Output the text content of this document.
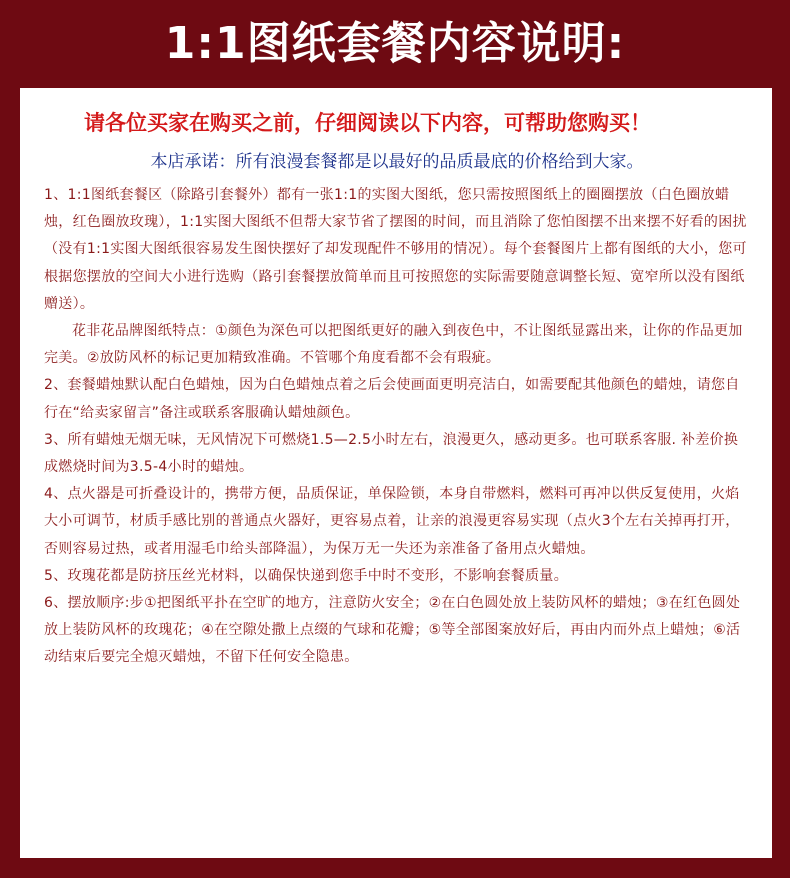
1:1图纸套餐内容说明:

请各位买家在购买之前，仔细阅读以下内容，可帮助您购买！

本店承诺：所有浪漫套餐都是以最好的品质最底的价格给到大家。

1、1:1图纸套餐区（除路引套餐外）都有一张1:1的实图大图纸，您只需按照图纸上的圈圈摆放（白色圈放蜡烛，红色圈放玫瑰），1:1实图大图纸不但帮大家节省了摆图的时间，而且消除了您怕图摆不出来摆不好看的困扰（没有1:1实图大图纸很容易发生图快摆好了却发现配件不够用的情况）。每个套餐图片上都有图纸的大小，您可根据您摆放的空间大小进行选购（路引套餐摆放简单而且可按照您的实际需要随意调整长短、宽窄所以没有图纸赠送）。

花非花品牌图纸特点：①颜色为深色可以把图纸更好的融入到夜色中，不让图纸显露出来，让你的作品更加完美。②放防风杯的标记更加精致准确。不管哪个角度看都不会有瑕疵。

2、套餐蜡烛默认配白色蜡烛，因为白色蜡烛点着之后会使画面更明亮洁白，如需要配其他颜色的蜡烛，请您自行在“给卖家留言”备注或联系客服确认蜡烛颜色。

3、所有蜡烛无烟无味，无风情况下可燃烧1.5—2.5小时左右，浪漫更久，感动更多。也可联系客服. 补差价换成燃烧时间为3.5-4小时的蜡烛。

4、点火器是可折叠设计的，携带方便，品质保证，单保险锁，本身自带燃料，燃料可再冲以供反复使用，火焰大小可调节，材质手感比别的普通点火器好，更容易点着，让亲的浪漫更容易实现（点火3个左右关掉再打开，否则容易过热，或者用湿毛巾给头部降温），为保万无一失还为亲准备了备用点火蜡烛。

5、玫瑰花都是防挤压丝光材料，以确保快递到您手中时不变形，不影响套餐质量。

6、摆放顺序:步①把图纸平扑在空旷的地方，注意防火安全；②在白色圆处放上装防风杯的蜡烛；③在红色圆处放上装防风杯的玫瑰花；④在空隙处撒上点缀的气球和花瓣；⑤等全部图案放好后，再由内而外点上蜡烛；⑥活动结束后要完全熄灭蜡烛，不留下任何安全隐患。
